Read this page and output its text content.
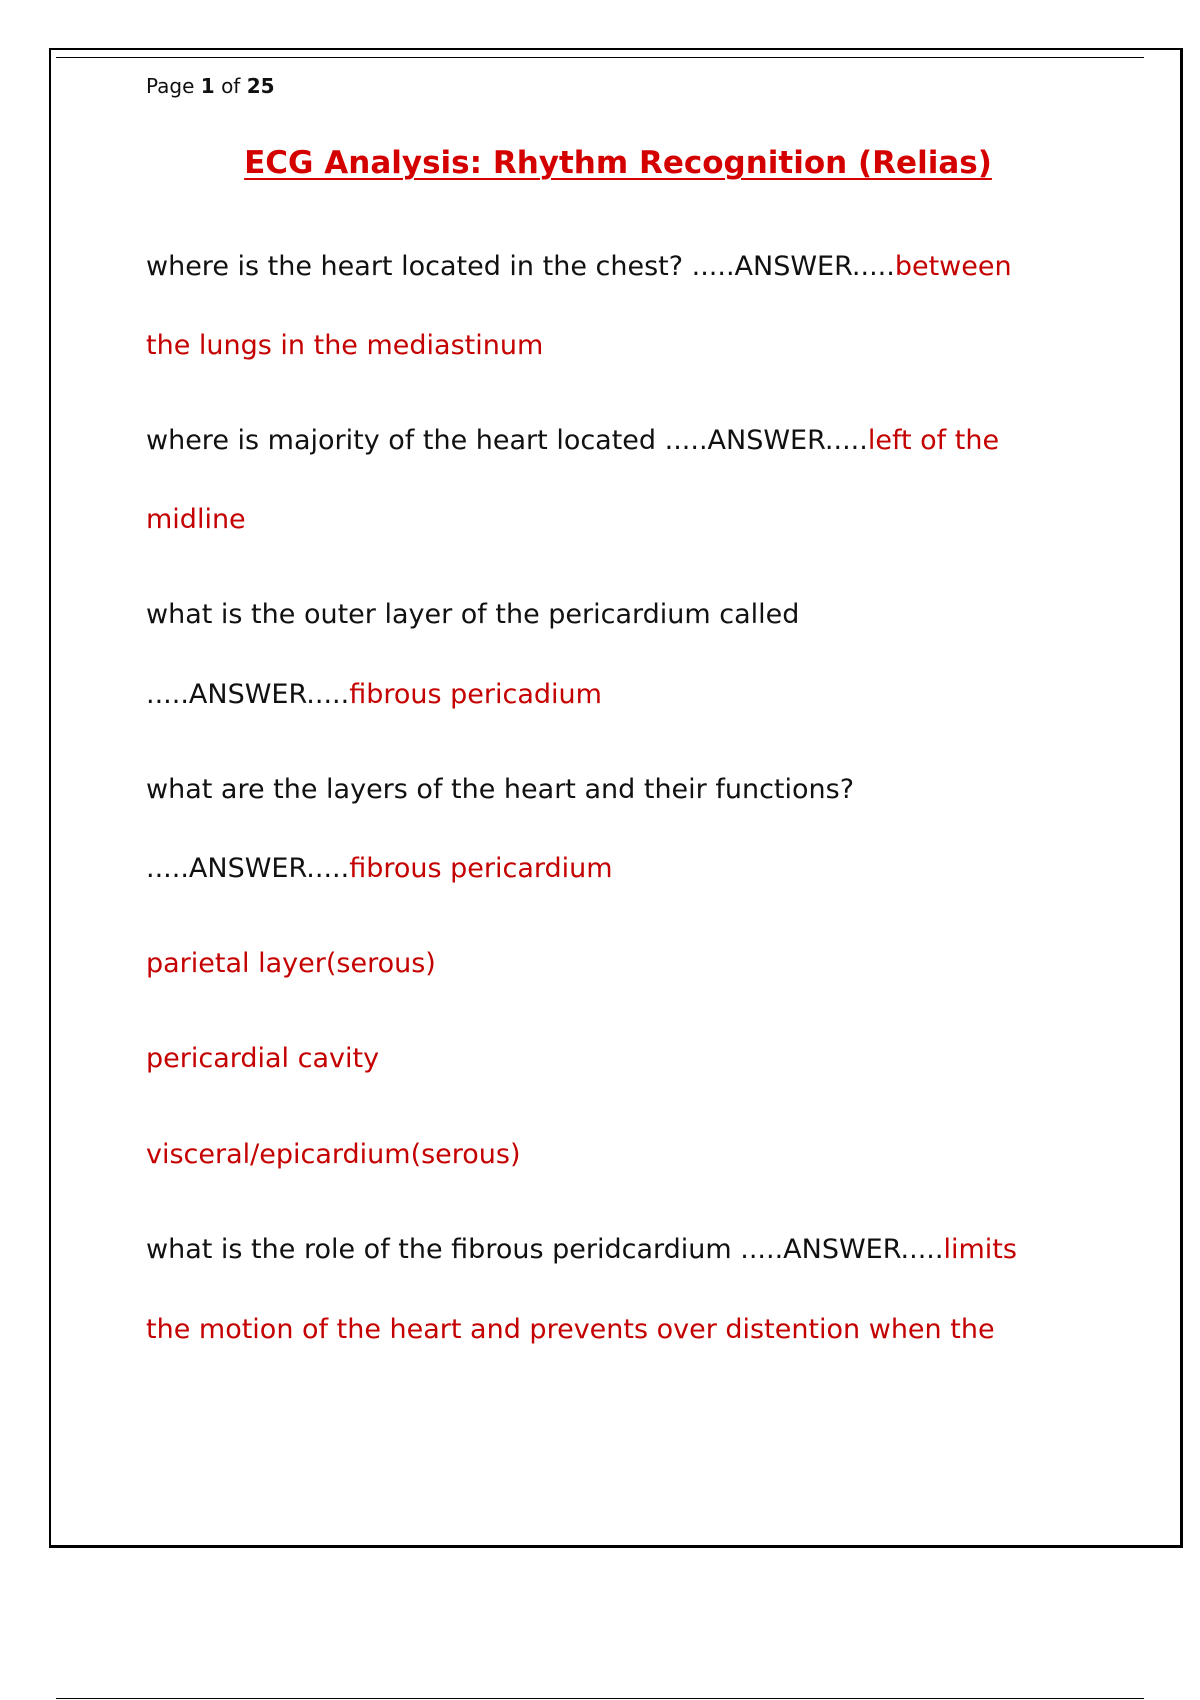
Page 1 of 25
ECG Analysis: Rhythm Recognition (Relias)
where is the heart located in the chest? .....ANSWER.....between
the lungs in the mediastinum
where is majority of the heart located .....ANSWER.....left of the
midline
what is the outer layer of the pericardium called
.....ANSWER.....fibrous pericadium
what are the layers of the heart and their functions?
.....ANSWER.....fibrous pericardium
parietal layer(serous)
pericardial cavity
visceral/epicardium(serous)
what is the role of the fibrous peridcardium .....ANSWER.....limits
the motion of the heart and prevents over distention when the
